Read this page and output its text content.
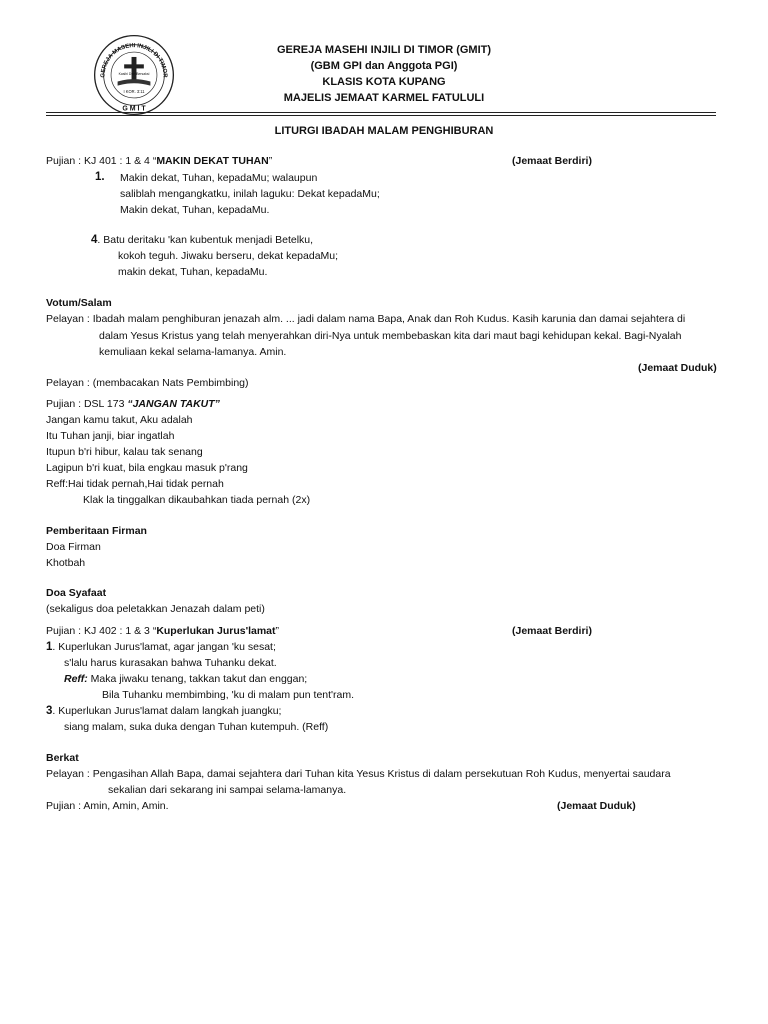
GEREJA MASEHI INJILI DI TIMOR
Kasihi Dan Bersaksi
I KOR. 3:11
G M I T
GEREJA MASEHI INJILI DI TIMOR (GMIT)
(GBM GPI dan Anggota PGI)
KLASIS KOTA KUPANG
MAJELIS JEMAAT KARMEL FATULULI
LITURGI IBADAH MALAM PENGHIBURAN
Pujian : KJ 401 : 1 & 4 “MAKIN DEKAT TUHAN”	(Jemaat Berdiri)
1. Makin dekat, Tuhan, kepadaMu; walaupun
saliblah mengangkatku, inilah laguku: Dekat kepadaMu;
Makin dekat, Tuhan, kepadaMu.
4. Batu deritaku 'kan kubentuk menjadi Betelku,
kokoh teguh. Jiwaku berseru, dekat kepadaMu;
makin dekat, Tuhan, kepadaMu.
Votum/Salam
Pelayan : Ibadah malam penghiburan jenazah alm. ... jadi dalam nama Bapa, Anak dan Roh Kudus. Kasih karunia dan damai sejahtera di
dalam Yesus Kristus yang telah menyerahkan diri-Nya untuk membebaskan kita dari maut bagi kehidupan kekal. Bagi-Nyalah
kemuliaan kekal selama-lamanya. Amin.
(Jemaat Duduk)
Pelayan : (membacakan Nats Pembimbing)
Pujian : DSL 173 “JANGAN TAKUT”
Jangan kamu takut, Aku adalah
Itu Tuhan janji, biar ingatlah
Itupun b'ri hibur, kalau tak senang
Lagipun b'ri kuat, bila engkau masuk p'rang
Reff:Hai tidak pernah,Hai tidak pernah
Klak la tinggalkan dikaubahkan tiada pernah (2x)
Pemberitaan Firman
Doa Firman
Khotbah
Doa Syafaat
(sekaligus doa peletakkan Jenazah dalam peti)
Pujian : KJ 402 : 1 & 3 “Kuperlukan Jurus'lamat”	(Jemaat Berdiri)
1. Kuperlukan Jurus'lamat, agar jangan 'ku sesat;
s'lalu harus kurasakan bahwa Tuhanku dekat.
Reff: Maka jiwaku tenang, takkan takut dan enggan;
Bila Tuhanku membimbing, 'ku di malam pun tent'ram.
3. Kuperlukan Jurus'lamat dalam langkah juangku;
siang malam, suka duka dengan Tuhan kutempuh. (Reff)
Berkat
Pelayan : Pengasihan Allah Bapa, damai sejahtera dari Tuhan kita Yesus Kristus di dalam persekutuan Roh Kudus, menyertai saudara
sekalian dari sekarang ini sampai selama-lamanya.
Pujian : Amin, Amin, Amin.	(Jemaat Duduk)
